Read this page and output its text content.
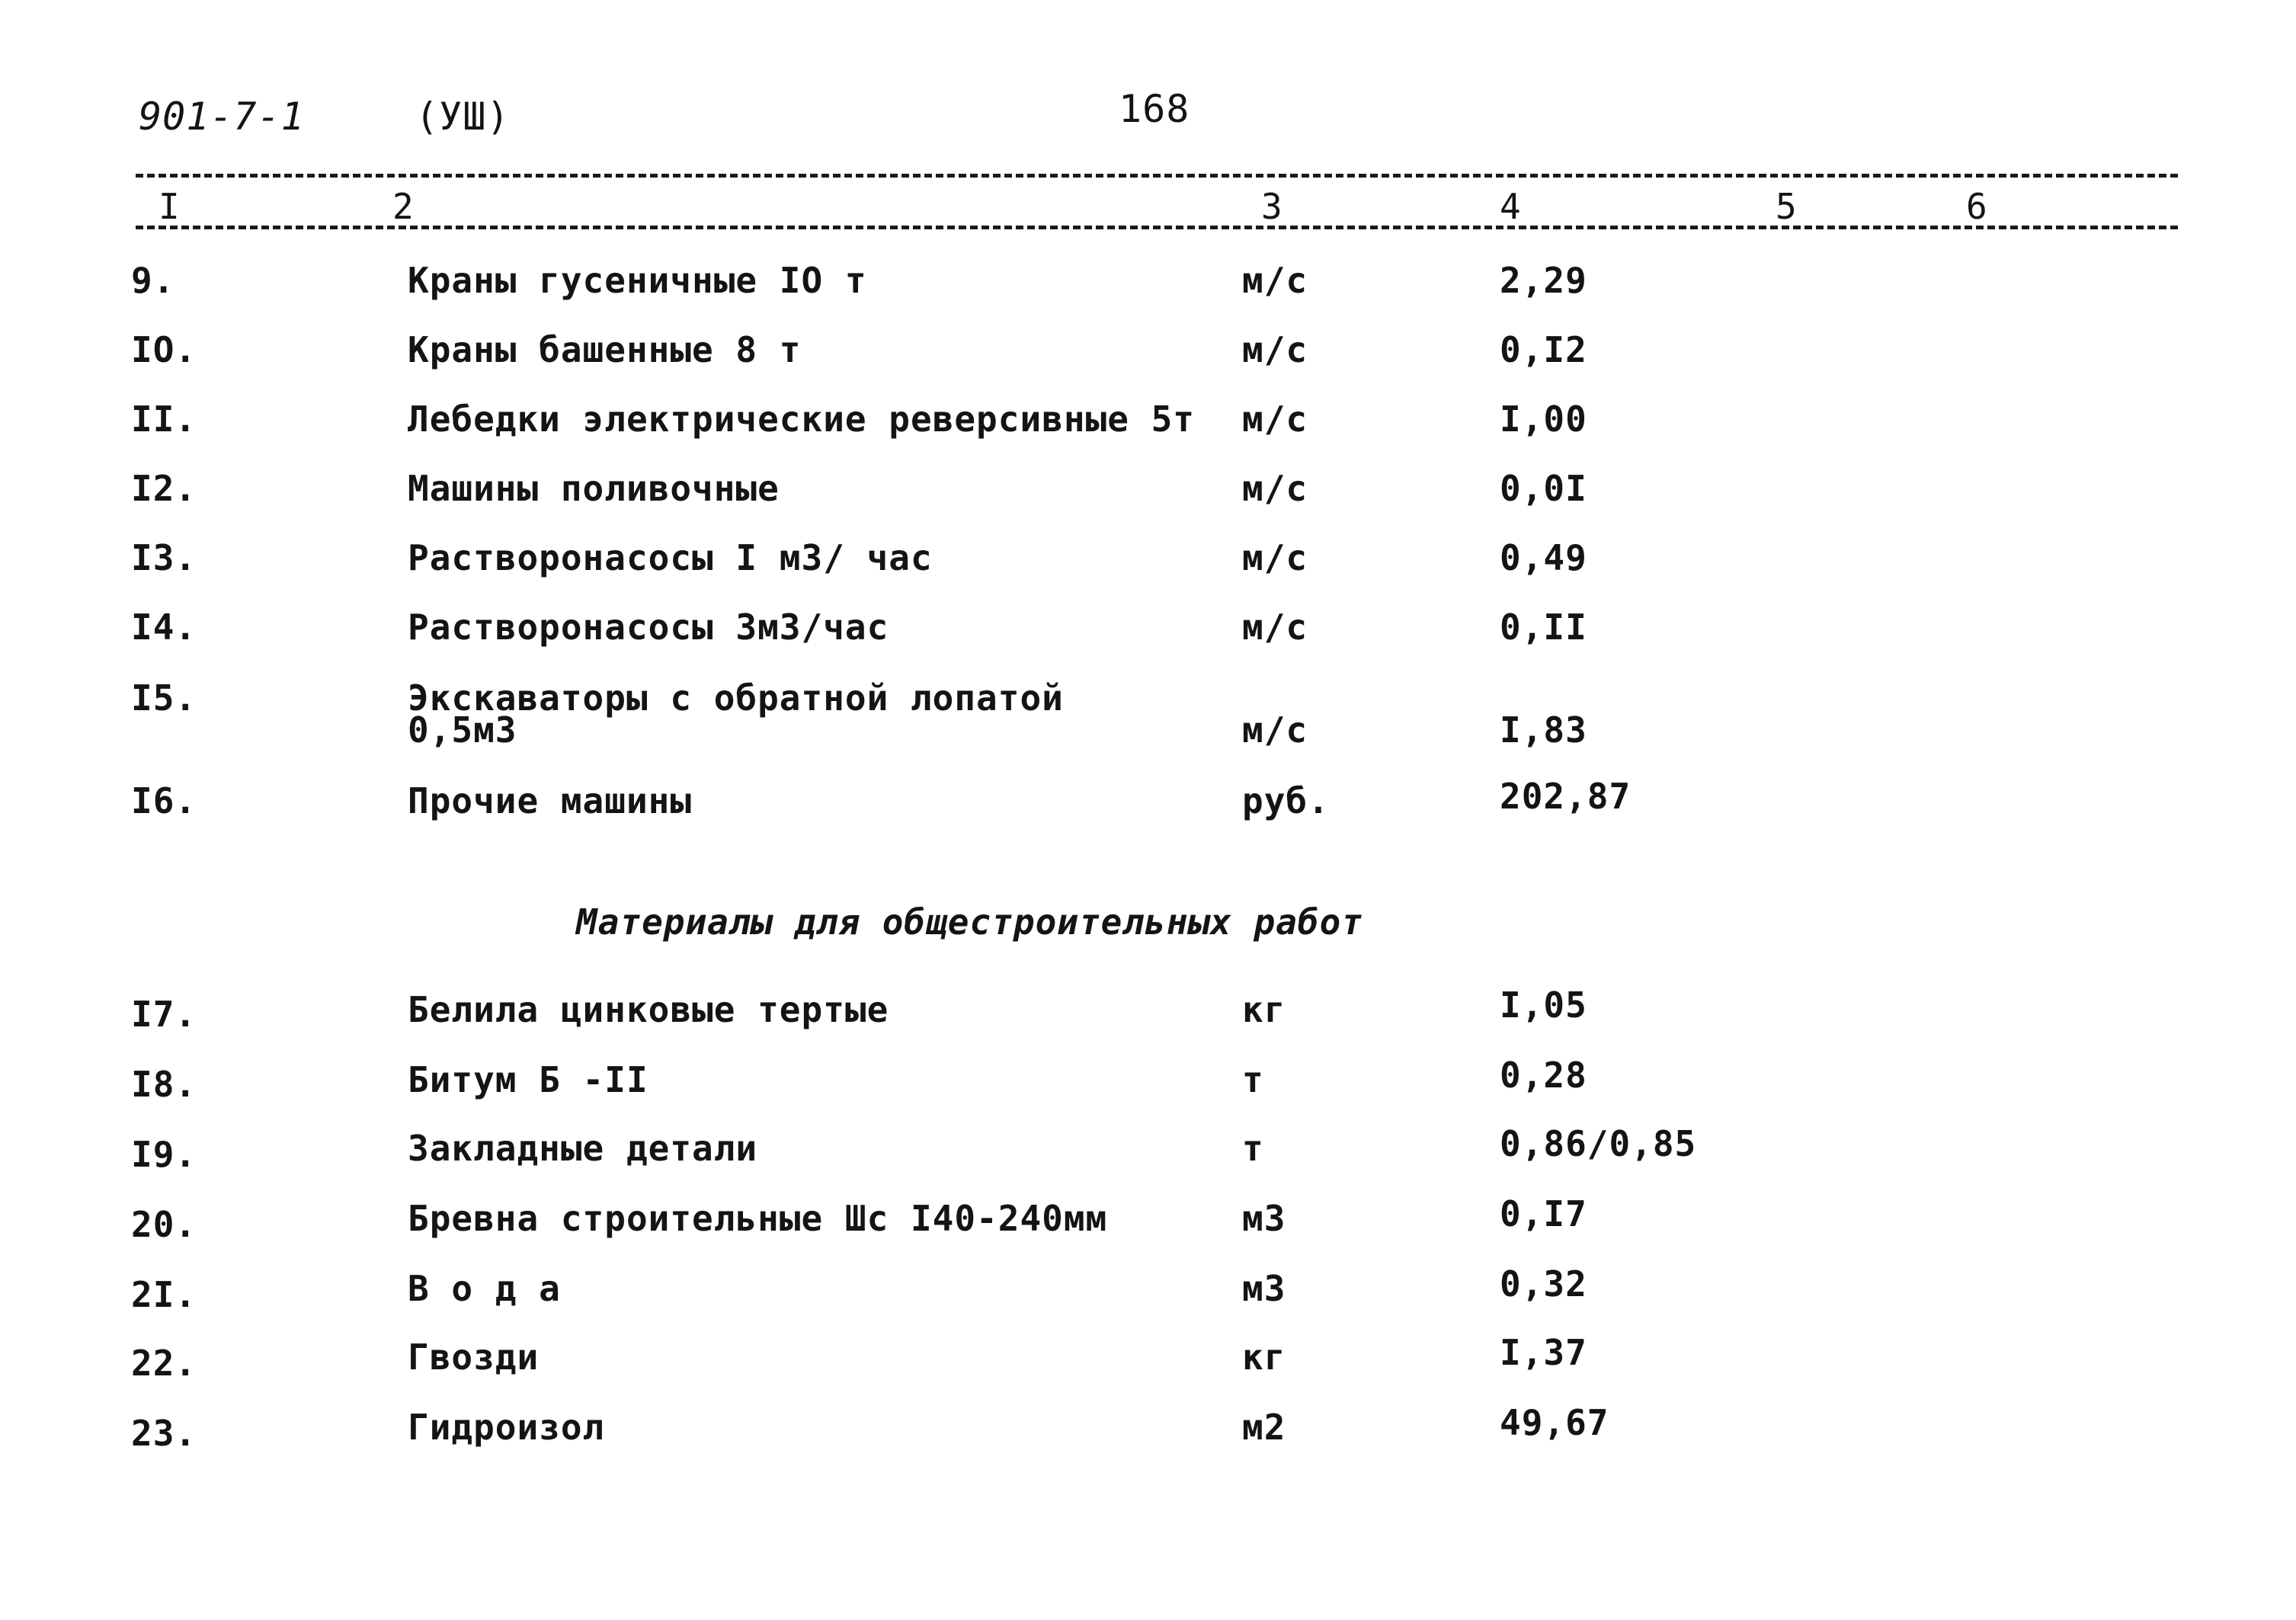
901-7-1	(УШ)	168
I	2	3	4	5	6
9.	Краны гусеничные IO т	м/с	2,29
IO.	Краны башенные 8 т	м/с	0,I2
II.	Лебедки электрические реверсивные 5т м/с	I,00
I2.	Машины поливочные	м/с	0,0I
I3.	Растворонасосы I м3/ час	м/с	0,49
I4.	Растворонасосы 3м3/час	м/с	0,II
I5.	Экскаваторы с обратной лопатой
0,5м3	м/с	I,83
I6.	Прочие машины	руб.	202,87
Материалы для общестроительных работ
I7.	Белила цинковые тертые	кг	I,05
I8.	Битум Б -II	т	0,28
I9.	Закладные детали	т	0,86/0,85
20.	Бревна строительные Шс I40-240мм	м3	0,I7
2I.	В о д а	м3	0,32
22.	Гвозди	кг	I,37
23.	Гидроизол	м2	49,67
